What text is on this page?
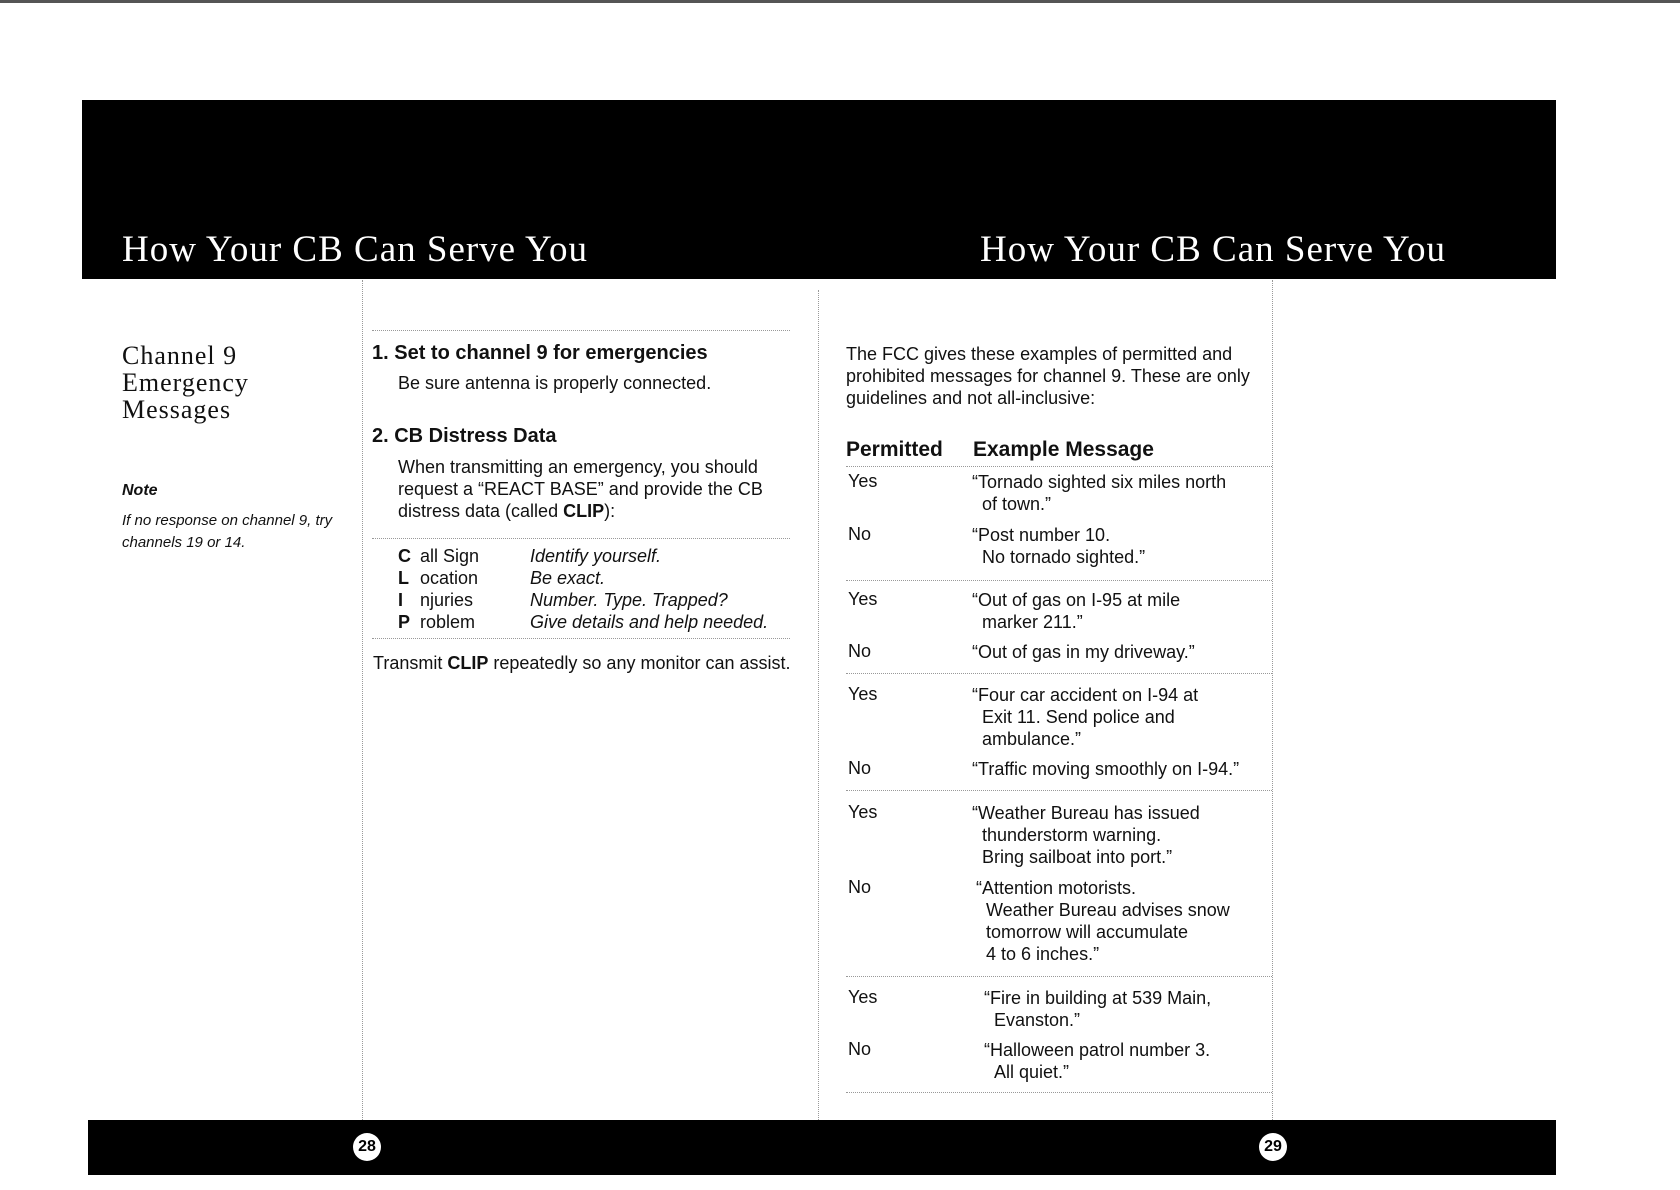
How Your CB Can Serve You	How Your CB Can Serve You
Channel 9
Emergency
Messages
Note
If no response on channel 9, try channels 19 or 14.
1. Set to channel 9 for emergencies
Be sure antenna is properly connected.
2. CB Distress Data
When transmitting an emergency, you should request a “REACT BASE” and provide the CB distress data (called CLIP):
C all Sign	Identify yourself.
L ocation	Be exact.
I njuries	Number. Type. Trapped?
P roblem	Give details and help needed.
Transmit CLIP repeatedly so any monitor can assist.
The FCC gives these examples of permitted and prohibited messages for channel 9. These are only guidelines and not all-inclusive:
Permitted Example Message
Yes	“Tornado sighted six miles north
of town.”
No	“Post number 10.
No tornado sighted.”
Yes	“Out of gas on I-95 at mile
marker 211.”
No	“Out of gas in my driveway.”
Yes	“Four car accident on I-94 at
Exit 11. Send police and
ambulance.”
No	“Traffic moving smoothly on I-94.”
Yes	“Weather Bureau has issued
thunderstorm warning.
Bring sailboat into port.”
No	“Attention motorists.
Weather Bureau advises snow
tomorrow will accumulate
4 to 6 inches.”
Yes	“Fire in building at 539 Main,
Evanston.”
No	“Halloween patrol number 3.
All quiet.”
28	29
